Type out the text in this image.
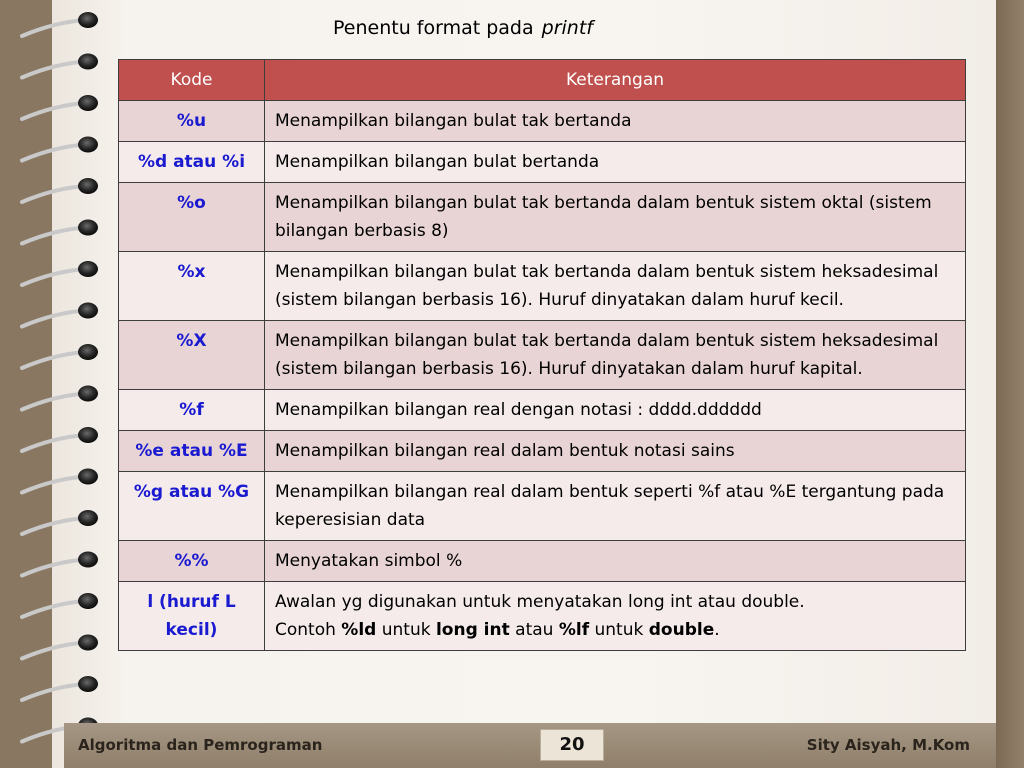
Penentu format pada printf
Kode	Keterangan
%u	Menampilkan bilangan bulat tak bertanda
%d atau %i	Menampilkan bilangan bulat bertanda
%o	Menampilkan bilangan bulat tak bertanda dalam bentuk sistem oktal (sistem bilangan berbasis 8)
%x	Menampilkan bilangan bulat tak bertanda dalam bentuk sistem heksadesimal (sistem bilangan berbasis 16). Huruf dinyatakan dalam huruf kecil.
%X	Menampilkan bilangan bulat tak bertanda dalam bentuk sistem heksadesimal (sistem bilangan berbasis 16). Huruf dinyatakan dalam huruf kapital.
%f	Menampilkan bilangan real dengan notasi : dddd.dddddd
%e atau %E	Menampilkan bilangan real dalam bentuk notasi sains
%g atau %G	Menampilkan bilangan real dalam bentuk seperti %f atau %E tergantung pada keperesisian data
%%	Menyatakan simbol %
l (huruf L kecil)	Awalan yg digunakan untuk menyatakan long int atau double.
Contoh %ld untuk long int atau %lf untuk double.
Algoritma dan Pemrograman	20	Sity Aisyah, M.Kom
